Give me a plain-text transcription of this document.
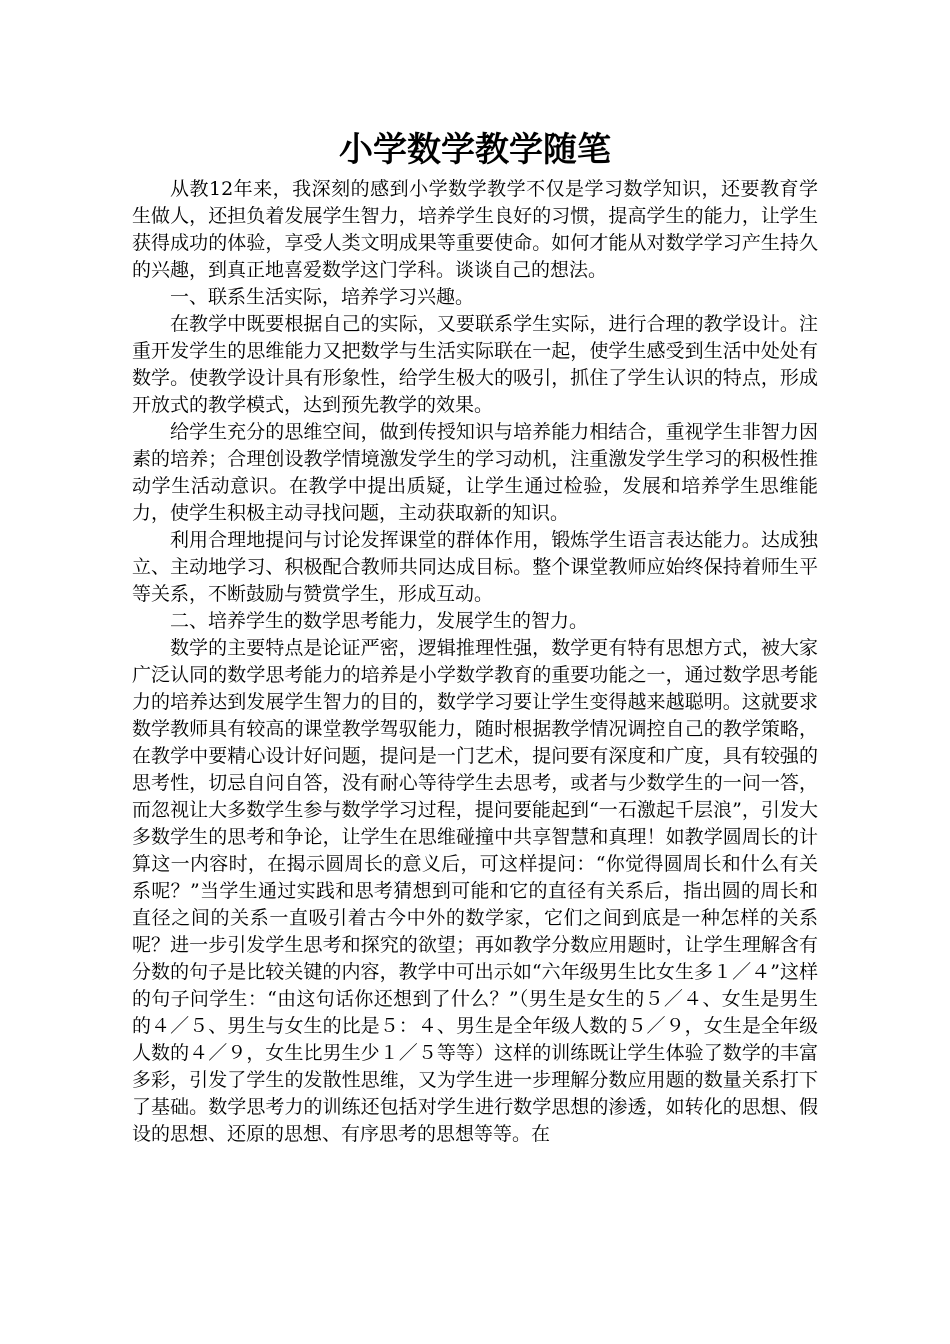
小学数学教学随笔

从教12年来，我深刻的感到小学数学教学不仅是学习数学知识，还要教育学生做人，还担负着发展学生智力，培养学生良好的习惯，提高学生的能力，让学生获得成功的体验，享受人类文明成果等重要使命。如何才能从对数学学习产生持久的兴趣，到真正地喜爱数学这门学科。谈谈自己的想法。

一、联系生活实际，培养学习兴趣。

在教学中既要根据自己的实际，又要联系学生实际，进行合理的教学设计。注重开发学生的思维能力又把数学与生活实际联在一起，使学生感受到生活中处处有数学。使教学设计具有形象性，给学生极大的吸引，抓住了学生认识的特点，形成开放式的教学模式，达到预先教学的效果。

给学生充分的思维空间，做到传授知识与培养能力相结合，重视学生非智力因素的培养；合理创设教学情境激发学生的学习动机，注重激发学生学习的积极性推动学生活动意识。在教学中提出质疑，让学生通过检验，发展和培养学生思维能力，使学生积极主动寻找问题，主动获取新的知识。

利用合理地提问与讨论发挥课堂的群体作用，锻炼学生语言表达能力。达成独立、主动地学习、积极配合教师共同达成目标。整个课堂教师应始终保持着师生平等关系，不断鼓励与赞赏学生，形成互动。

二、培养学生的数学思考能力，发展学生的智力。

数学的主要特点是论证严密，逻辑推理性强，数学更有特有思想方式，被大家广泛认同的数学思考能力的培养是小学数学教育的重要功能之一，通过数学思考能力的培养达到发展学生智力的目的，数学学习要让学生变得越来越聪明。这就要求数学教师具有较高的课堂教学驾驭能力，随时根据教学情况调控自己的教学策略，在教学中要精心设计好问题，提问是一门艺术，提问要有深度和广度，具有较强的思考性，切忌自问自答，没有耐心等待学生去思考，或者与少数学生的一问一答，而忽视让大多数学生参与数学学习过程，提问要能起到“一石激起千层浪”，引发大多数学生的思考和争论，让学生在思维碰撞中共享智慧和真理！如教学圆周长的计算这一内容时，在揭示圆周长的意义后，可这样提问：“你觉得圆周长和什么有关系呢？”当学生通过实践和思考猜想到可能和它的直径有关系后，指出圆的周长和直径之间的关系一直吸引着古今中外的数学家，它们之间到底是一种怎样的关系呢？进一步引发学生思考和探究的欲望；再如教学分数应用题时，让学生理解含有分数的句子是比较关键的内容，教学中可出示如“六年级男生比女生多１／４”这样的句子问学生：“由这句话你还想到了什么？”（男生是女生的５／４、女生是男生的４／５、男生与女生的比是５：４、男生是全年级人数的５／９，女生是全年级人数的４／９，女生比男生少１／５等等）这样的训练既让学生体验了数学的丰富多彩，引发了学生的发散性思维，又为学生进一步理解分数应用题的数量关系打下了基础。数学思考力的训练还包括对学生进行数学思想的渗透，如转化的思想、假设的思想、还原的思想、有序思考的思想等等。在
